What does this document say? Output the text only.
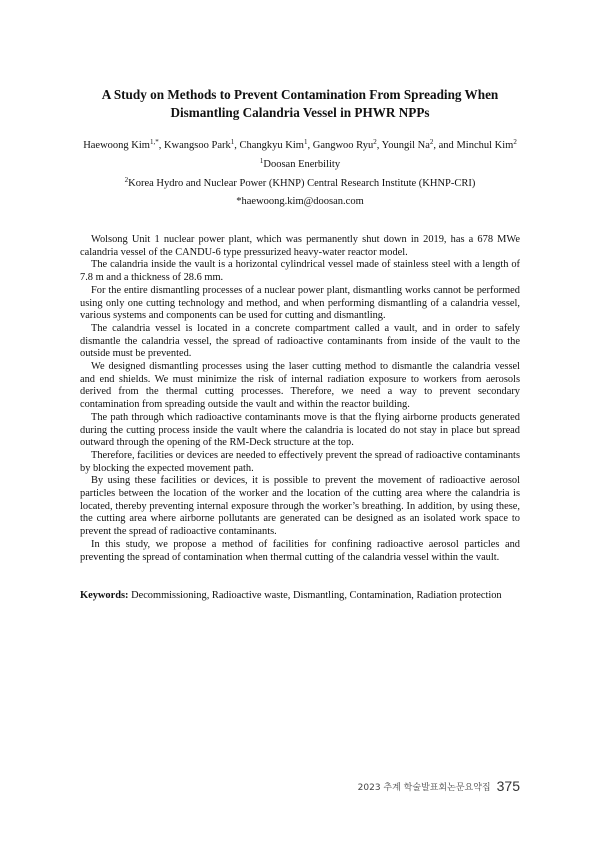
A Study on Methods to Prevent Contamination From Spreading When
Dismantling Calandria Vessel in PHWR NPPs
Haewoong Kim$^{1,*}$, Kwangsoo Park$^1$, Changkyu Kim$^1$, Gangwoo Ryu$^2$, Youngil Na$^2$, and Minchul Kim$^2$
$^1$Doosan Enerbility
$^2$Korea Hydro and Nuclear Power (KHNP) Central Research Institute (KHNP-CRI)
*haewoong.kim@doosan.com

Wolsong Unit 1 nuclear power plant, which was permanently shut down in 2019, has a 678 MWe calandria vessel of the CANDU-6 type pressurized heavy-water reactor model.

The calandria inside the vault is a horizontal cylindrical vessel made of stainless steel with a length of 7.8 m and a thickness of 28.6 mm.

For the entire dismantling processes of a nuclear power plant, dismantling works cannot be performed using only one cutting technology and method, and when performing dismantling of a calandria vessel, various systems and components can be used for cutting and dismantling.

The calandria vessel is located in a concrete compartment called a vault, and in order to safely dismantle the calandria vessel, the spread of radioactive contaminants from inside of the vault to the outside must be prevented.

We designed dismantling processes using the laser cutting method to dismantle the calandria vessel and end shields. We must minimize the risk of internal radiation exposure to workers from aerosols derived from the thermal cutting processes. Therefore, we need a way to prevent secondary contamination from spreading outside the vault and within the reactor building.

The path through which radioactive contaminants move is that the flying airborne products generated during the cutting process inside the vault where the calandria is located do not stay in place but spread outward through the opening of the RM-Deck structure at the top.

Therefore, facilities or devices are needed to effectively prevent the spread of radioactive contaminants by blocking the expected movement path.

By using these facilities or devices, it is possible to prevent the movement of radioactive aerosol particles between the location of the worker and the location of the cutting area where the calandria is located, thereby preventing internal exposure through the worker’s breathing. In addition, by using these, the cutting area where airborne pollutants are generated can be designed as an isolated work space to prevent the spread of radioactive contaminants.

In this study, we propose a method of facilities for confining radioactive aerosol particles and preventing the spread of contamination when thermal cutting of the calandria vessel within the vault.

Keywords: Decommissioning, Radioactive waste, Dismantling, Contamination, Radiation protection
2023 추계 학술발표회논문요약집 375
